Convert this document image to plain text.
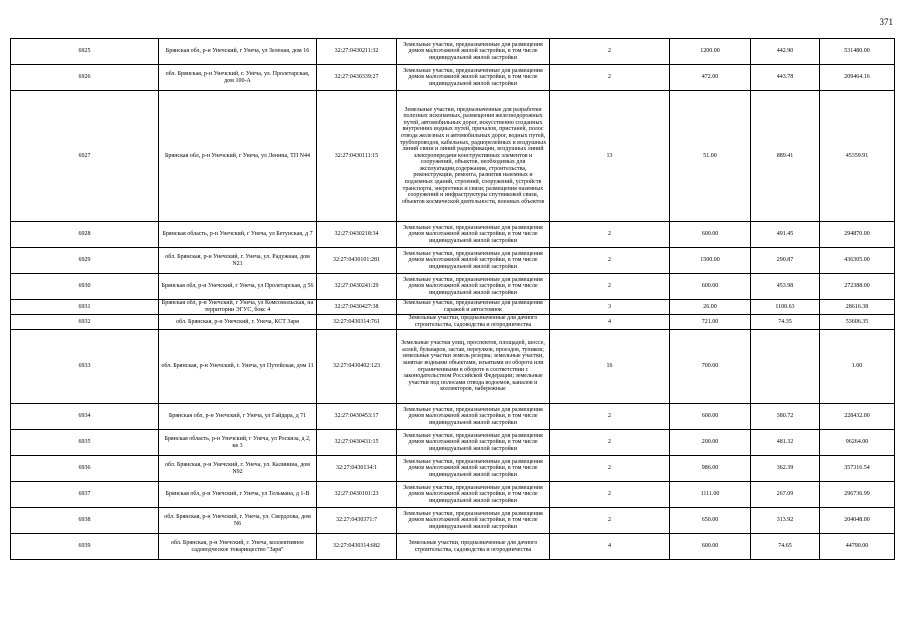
371
6925	Брянская обл, р-н Унечский, г Унеча, ул Зеленая, дом 16	32:27:0430211:32	Земельные участки, предназначенные для размещения домов малоэтажной жилой застройки, в том числе индивидуальной жилой застройки	2	1200.00	442.90	531480.00
6926	обл. Брянская, р-н Унечский, г. Унеча, ул. Пролетарская, дом 100-А	32:27:0430339:27	Земельные участки, предназначенные для размещения домов малоэтажной жилой застройки, в том числе индивидуальной жилой застройки	2	472.00	443.78	209464.16
6927	Брянская обл, р-н Унечский, г Унеча, ул Ленина, ТП N44	32:27:0430111:15	Земельные участки, предназначенные для разработки полезных ископаемых, размещения железнодорожных путей, автомобильных дорог, искусственно созданных внутренних водных путей, причалов, пристаней, полос отвода железных и автомобильных дорог, водных путей, трубопроводов, кабельных, радиорелейных и воздушных линий связи и линий радиофикации, воздушных линий электропередачи конструктивных элементов и сооружений, объектов, необходимых для эксплуатации,содержания, строительства, реконструкции, ремонта, развития наземных и подземных зданий, строений, сооружений, устройств транспорта, энергетики и связи; размещения наземных сооружений и инфраструктуры спутниковой связи, объектов космической деятельности, военных объектов	13	51.00	889.41	45359.91
6928	Брянская область, р-н Унечский, г Унеча, ул Бетунская, д 7	32:27:0430218:34	Земельные участки, предназначенные для размещения домов малоэтажной жилой застройки, в том числе индивидуальной жилой застройки	2	600.00	491.45	294870.00
6929	обл. Брянская, р-н Унечский, г. Унеча, ул. Радужная, дом N21	32:27:0430101:281	Земельные участки, предназначенные для размещения домов малоэтажной жилой застройки, в том числе индивидуальной жилой застройки	2	1500.00	290.87	436305.00
6930	Брянская обл, р-н Унечский, г Унеча, ул Пролетарская, д 56	32:27:0430241:29	Земельные участки, предназначенные для размещения домов малоэтажной жилой застройки, в том числе индивидуальной жилой застройки	2	600.00	453.98	272388.00
6931	Брянская обл, р-н Унечский, г Унеча, ул Комсомольская, на территории ЭГУС, бокс 4	32:27:0430427:38	Земельные участки, предназначенные для размещения гаражей и автостоянок	3	26.00	1100.63	28616.38
6932	обл. Брянская, р-н Унечский, г. Унеча, КСТ Заря	32:27:0430314:761	Земельные участки, предназначенные для дачного строительства, садоводства и огородничества	4	721.00	74.35	53606.35
6933	обл. Брянская, р-н Унечский, г. Унеча, ул Путейская, дом 11	32:27:0430402:123	Земельные участки улиц, проспектов, площадей, шоссе, аллей, бульваров, застав, переулков, проездов, тупиков; земельные участки земель резерва; земельные участки, занятые водными объектами, изъятыми из оборота или ограниченными в обороте в соответствии с законодательством Российской Федерации; земельные участки под полосами отвода водоемов, каналов и коллекторов, набережные	16	700.00		1.00
6934	Брянская обл, р-н Унечский, г Унеча, ул Гайдара, д 71	32:27:0430453:17	Земельные участки, предназначенные для размещения домов малоэтажной жилой застройки, в том числе индивидуальной жилой застройки	2	600.00	380.72	228432.00
6935	Брянская область, р-н Унечский, г Унеча, ул Роскиза, д 2, кв 3	32:27:0430431:15	Земельные участки, предназначенные для размещения домов малоэтажной жилой застройки, в том числе индивидуальной жилой застройки	2	200.00	481.32	96264.00
6936	обл. Брянская, р-н Унечский, г. Унеча, ул. Калинина, дом N92	32:27:0430134:1	Земельные участки, предназначенные для размещения домов малоэтажной жилой застройки, в том числе индивидуальной жилой застройки	2	986.00	362.39	357316.54
6937	Брянская обл, р-н Унечский, г Унеча, ул Тельмана, д 1-В	32:27:0430101:23	Земельные участки, предназначенные для размещения домов малоэтажной жилой застройки, в том числе индивидуальной жилой застройки	2	1111.00	267.09	296736.99
6938	обл. Брянская, р-н Унечский, г. Унеча, ул. Свердлова, дом N6	32:27:0430371:7	Земельные участки, предназначенные для размещения домов малоэтажной жилой застройки, в том числе индивидуальной жилой застройки	2	650.00	313.92	204048.00
6939	обл. Брянская, р-н Унечский, г. Унеча, коллективное садоводческое товарищество "Заря"	32:27:0430314:682	Земельные участки, предназначенные для дачного строительства, садоводства и огородничества	4	600.00	74.65	44790.00
